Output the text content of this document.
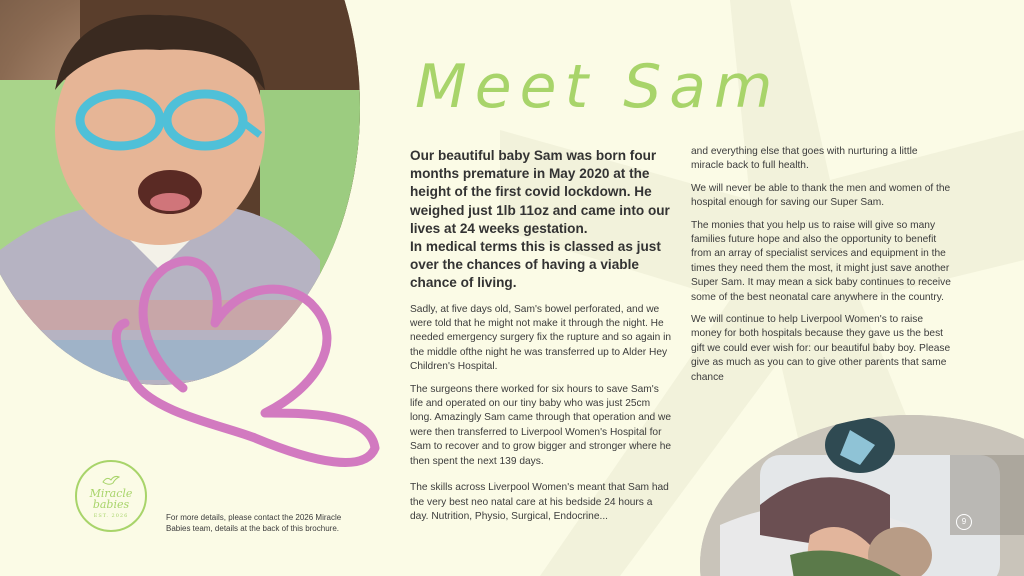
Meet Sam
Our beautiful baby Sam was born four months premature in May 2020 at the height of the first covid lockdown. He weighed just 1lb 11oz and came into our lives at 24 weeks gestation.
In medical terms this is classed as just over the chances of having a viable chance of living.

Sadly, at five days old, Sam's bowel perforated, and we were told that he might not make it through the night. He needed emergency surgery fix the rupture and so again in the middle ofthe night he was transferred up to Alder Hey Children's Hospital.

The surgeons there worked for six hours to save Sam's life and operated on our tiny baby who was just 25cm long. Amazingly Sam came through that operation and we were then transferred to Liverpool Women's Hospital for Sam to recover and to grow bigger and stronger where he then spent the next 139 days.

The skills across Liverpool Women's meant that Sam had the very best neo natal care at his bedside 24 hours a day. Nutrition, Physio, Surgical, Endocrine...

and everything else that goes with nurturing a little miracle back to full health.

We will never be able to thank the men and women of the hospital enough for saving our Super Sam.

The monies that you help us to raise will give so many families future hope and also the opportunity to benefit from an array of specialist services and equipment in the times they need them the most, it might just save another Super Sam. It may mean a sick baby continues to receive some of the best neonatal care anywhere in the country.

We will continue to help Liverpool Women's to raise money for both hospitals because they gave us the best gift we could ever wish for: our beautiful baby boy. Please give as much as you can to give other parents that same chance

9
Miracle
babies
EST. 2026	For more details, please contact the 2026 Miracle Babies team, details at the back of this brochure.
